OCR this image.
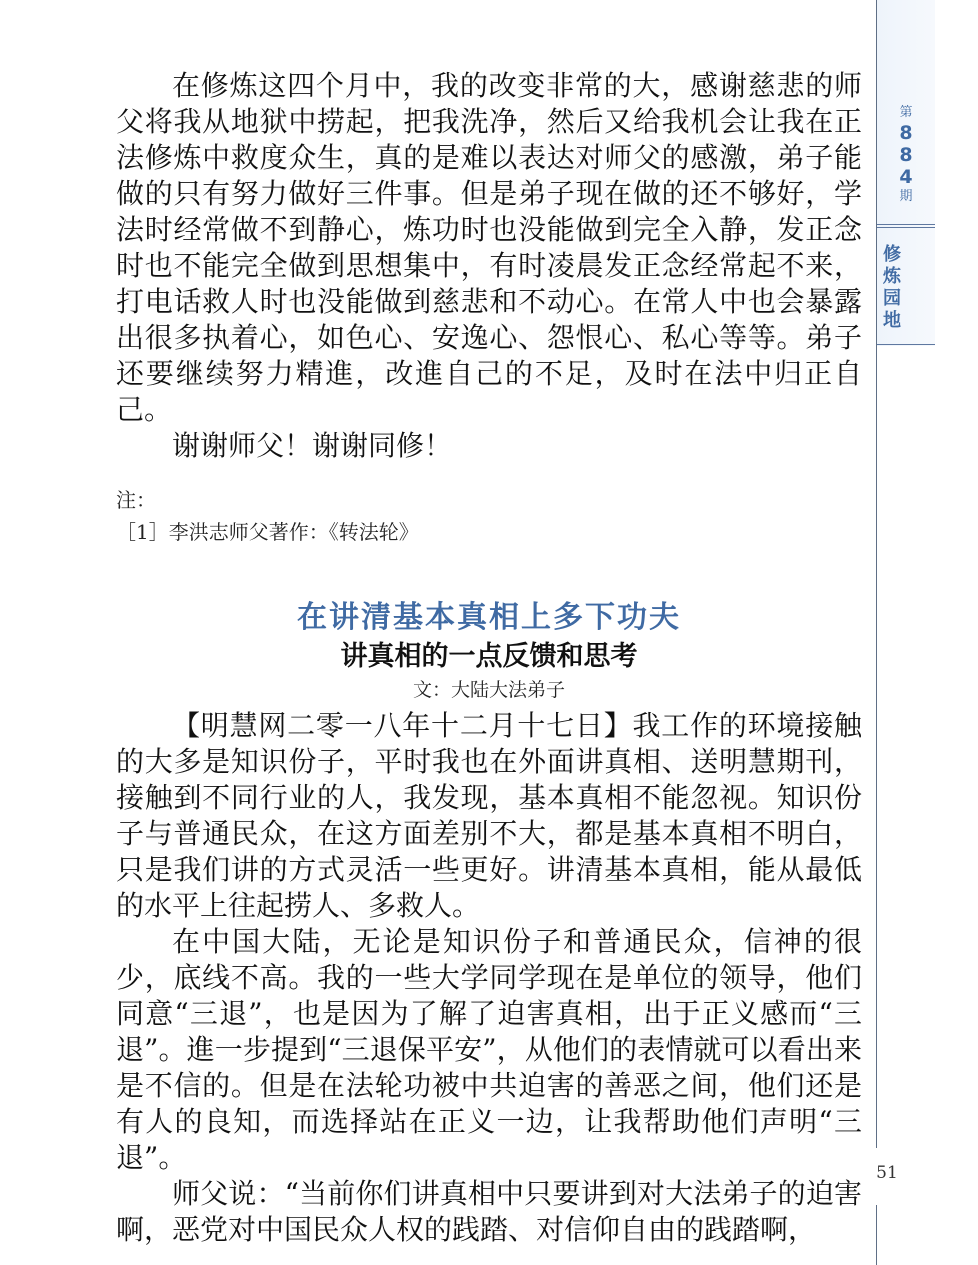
在修炼这四个月中，我的改变非常的大，感谢慈悲的师父将我从地狱中捞起，把我洗净，然后又给我机会让我在正法修炼中救度众生，真的是难以表达对师父的感激，弟子能做的只有努力做好三件事。但是弟子现在做的还不够好，学法时经常做不到静心，炼功时也没能做到完全入静，发正念时也不能完全做到思想集中，有时凌晨发正念经常起不来，打电话救人时也没能做到慈悲和不动心。在常人中也会暴露出很多执着心，如色心、安逸心、怨恨心、私心等等。弟子还要继续努力精進，改進自己的不足，及时在法中归正自己。

谢谢师父！谢谢同修！

注：
［1］李洪志师父著作：《转法轮》
在讲清基本真相上多下功夫
讲真相的一点反馈和思考
文：大陆大法弟子

【明慧网二零一八年十二月十七日】我工作的环境接触的大多是知识份子，平时我也在外面讲真相、送明慧期刊，接触到不同行业的人，我发现，基本真相不能忽视。知识份子与普通民众，在这方面差别不大，都是基本真相不明白，只是我们讲的方式灵活一些更好。讲清基本真相，能从最低的水平上往起捞人、多救人。

在中国大陆，无论是知识份子和普通民众，信神的很少，底线不高。我的一些大学同学现在是单位的领导，他们同意“三退”，也是因为了解了迫害真相，出于正义感而“三退”。進一步提到“三退保平安”，从他们的表情就可以看出来是不信的。但是在法轮功被中共迫害的善恶之间，他们还是有人的良知，而选择站在正义一边，让我帮助他们声明“三退”。

师父说：“当前你们讲真相中只要讲到对大法弟子的迫害啊，恶党对中国民众人权的践踏、对信仰自由的践踏啊，

第
8
8
4
期
修
炼
园
地
51
